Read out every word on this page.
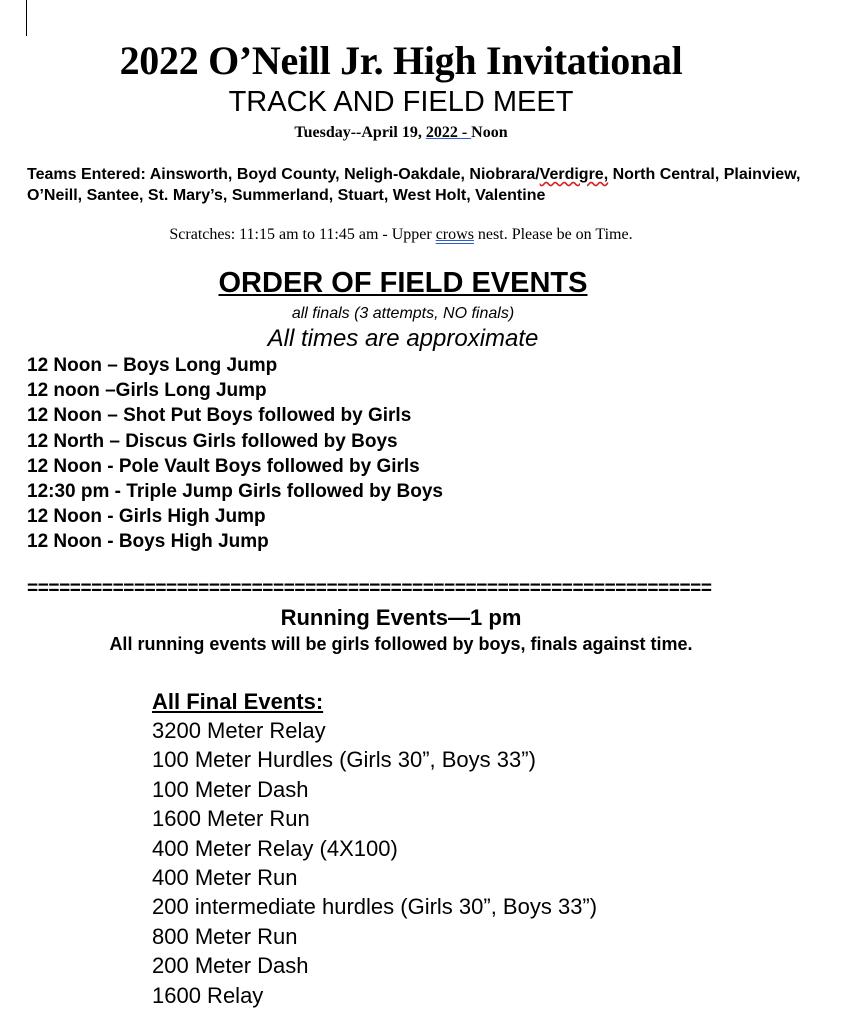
2022 O’Neill Jr. High Invitational
TRACK AND FIELD MEET
Tuesday--April 19, 2022 - Noon
Teams Entered: Ainsworth, Boyd County, Neligh-Oakdale, Niobrara/Verdigre, North Central, Plainview, O’Neill, Santee, St. Mary’s, Summerland, Stuart, West Holt, Valentine
Scratches: 11:15 am to 11:45 am - Upper crows nest. Please be on Time.
ORDER OF FIELD EVENTS
all finals (3 attempts, NO finals)
All times are approximate
12 Noon – Boys Long Jump
12 noon –Girls Long Jump
12 Noon – Shot Put Boys followed by Girls
12 North – Discus Girls followed by Boys
12 Noon - Pole Vault Boys followed by Girls
12:30 pm - Triple Jump Girls followed by Boys
12 Noon - Girls High Jump
12 Noon - Boys High Jump
================================================================
Running Events—1 pm
All running events will be girls followed by boys, finals against time.
All Final Events:
3200 Meter Relay
100 Meter Hurdles (Girls 30”, Boys 33”)
100 Meter Dash
1600 Meter Run
400 Meter Relay (4X100)
400 Meter Run
200 intermediate hurdles (Girls 30”, Boys 33”)
800 Meter Run
200 Meter Dash
1600 Relay
